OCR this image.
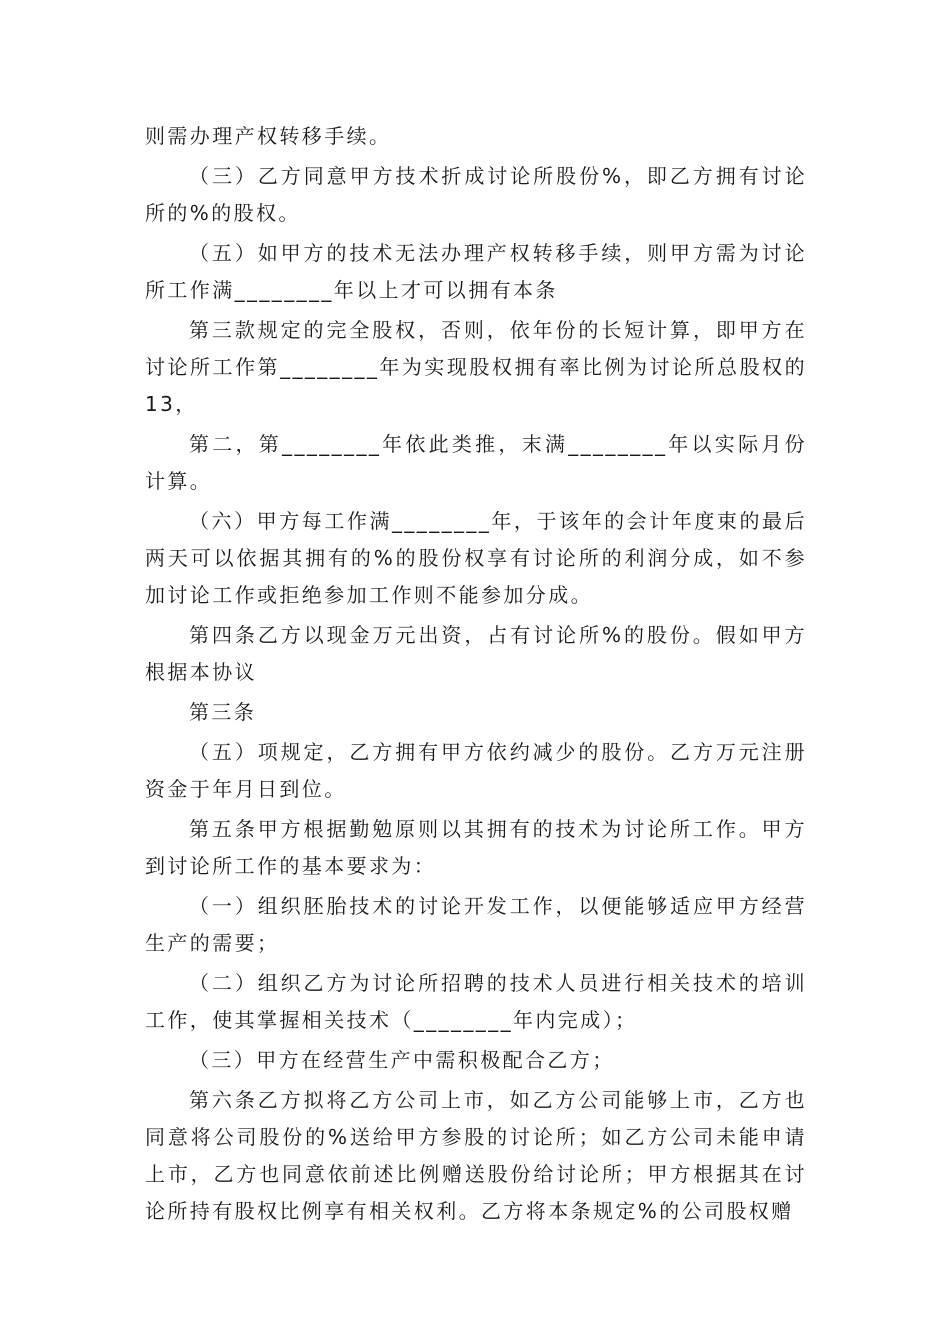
则需办理产权转移手续。

（三）乙方同意甲方技术折成讨论所股份%，即乙方拥有讨论所的%的股权。

（五）如甲方的技术无法办理产权转移手续，则甲方需为讨论所工作满________年以上才可以拥有本条

第三款规定的完全股权，否则，依年份的长短计算，即甲方在讨论所工作第________年为实现股权拥有率比例为讨论所总股权的13，

第二，第________年依此类推，末满________年以实际月份计算。

（六）甲方每工作满________年，于该年的会计年度束的最后两天可以依据其拥有的%的股份权享有讨论所的利润分成，如不参加讨论工作或拒绝参加工作则不能参加分成。

第四条乙方以现金万元出资，占有讨论所%的股份。假如甲方根据本协议

第三条

（五）项规定，乙方拥有甲方依约减少的股份。乙方万元注册资金于年月日到位。

第五条甲方根据勤勉原则以其拥有的技术为讨论所工作。甲方到讨论所工作的基本要求为：

（一）组织胚胎技术的讨论开发工作，以便能够适应甲方经营生产的需要；

（二）组织乙方为讨论所招聘的技术人员进行相关技术的培训工作，使其掌握相关技术（________年内完成）；

（三）甲方在经营生产中需积极配合乙方；

第六条乙方拟将乙方公司上市，如乙方公司能够上市，乙方也同意将公司股份的%送给甲方参股的讨论所；如乙方公司未能申请上市，乙方也同意依前述比例赠送股份给讨论所；甲方根据其在讨论所持有股权比例享有相关权利。乙方将本条规定%的公司股权赠
